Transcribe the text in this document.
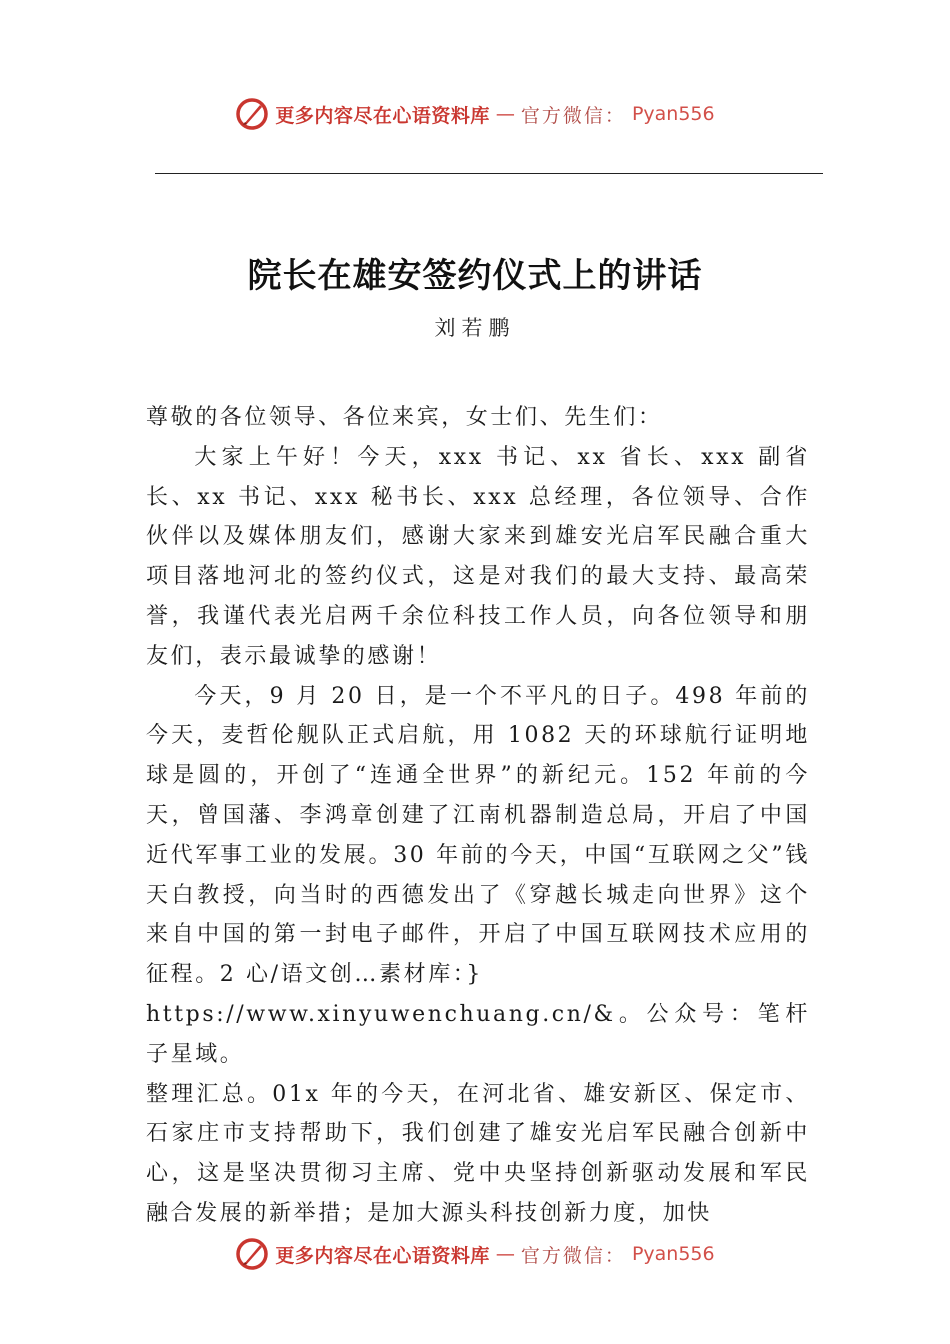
更多内容尽在心语资料库 — 官方微信： Pyan556
院长在雄安签约仪式上的讲话
刘若鹏

尊敬的各位领导、各位来宾，女士们、先生们：

大家上午好！今天，xxx 书记、xx 省长、xxx 副省长、xx 书记、xxx 秘书长、xxx 总经理，各位领导、合作伙伴以及媒体朋友们，感谢大家来到雄安光启军民融合重大项目落地河北的签约仪式，这是对我们的最大支持、最高荣誉，我谨代表光启两千余位科技工作人员，向各位领导和朋友们，表示最诚挚的感谢！

今天，9 月 20 日，是一个不平凡的日子。498 年前的今天，麦哲伦舰队正式启航，用 1082 天的环球航行证明地球是圆的，开创了“连通全世界”的新纪元。152 年前的今天，曾国藩、李鸿章创建了江南机器制造总局，开启了中国近代军事工业的发展。30 年前的今天，中国“互联网之父”钱天白教授，向当时的西德发出了《穿越长城走向世界》这个来自中国的第一封电子邮件，开启了中国互联网技术应用的征程。2 心/语文创…素材库：}

https://www.xinyuwenchuang.cn/&。公众号：笔杆子星域。

整理汇总。01x 年的今天，在河北省、雄安新区、保定市、石家庄市支持帮助下，我们创建了雄安光启军民融合创新中心，这是坚决贯彻习主席、党中央坚持创新驱动发展和军民融合发展的新举措；是加大源头科技创新力度，加快

更多内容尽在心语资料库 — 官方微信： Pyan556
